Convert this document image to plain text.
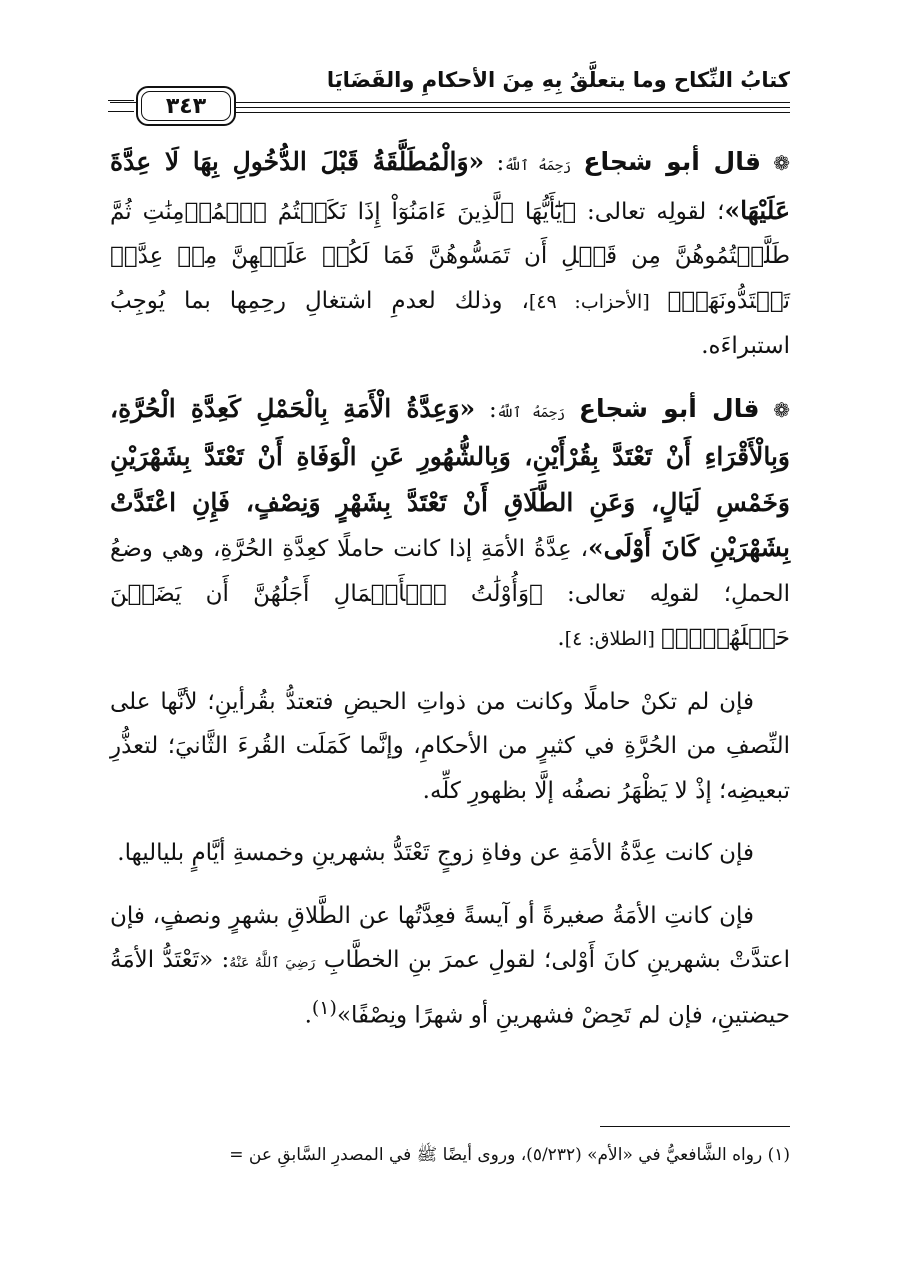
كتابُ النِّكاح وما يتعلَّقُ بِهِ مِنَ الأحكامِ والقَضَايَا
٣٤٣

❁ قال أبو شجاع رَحِمَهُ ٱللَّهُ: «وَالْمُطَلَّقَةُ قَبْلَ الدُّخُولِ بِهَا لَا عِدَّةَ عَلَيْهَا»؛ لقولِه تعالى: ﴿يَٰٓأَيُّهَا ٱلَّذِينَ ءَامَنُوٓاْ إِذَا نَكَحۡتُمُ ٱلۡمُؤۡمِنَٰتِ ثُمَّ طَلَّقۡتُمُوهُنَّ مِن قَبۡلِ أَن تَمَسُّوهُنَّ فَمَا لَكُمۡ عَلَيۡهِنَّ مِنۡ عِدَّةٖ تَعۡتَدُّونَهَاۖ﴾ [الأحزاب: ٤٩]، وذلك لعدمِ اشتغالِ رحِمِها بما يُوجِبُ استبراءَه.

❁ قال أبو شجاع رَحِمَهُ ٱللَّهُ: «وَعِدَّةُ الْأَمَةِ بِالْحَمْلِ كَعِدَّةِ الْحُرَّةِ، وَبِالْأَقْرَاءِ أَنْ تَعْتَدَّ بِقُرْأَيْنِ، وَبِالشُّهُورِ عَنِ الْوَفَاةِ أَنْ تَعْتَدَّ بِشَهْرَيْنِ وَخَمْسِ لَيَالٍ، وَعَنِ الطَّلَاقِ أَنْ تَعْتَدَّ بِشَهْرٍ وَنِصْفٍ، فَإِنِ اعْتَدَّتْ بِشَهْرَيْنِ كَانَ أَوْلَى»، عِدَّةُ الأمَةِ إذا كانت حاملًا كعِدَّةِ الحُرَّةِ، وهي وضعُ الحملِ؛ لقولِه تعالى: ﴿وَأُوْلَٰتُ ٱلۡأَحۡمَالِ أَجَلُهُنَّ أَن يَضَعۡنَ حَمۡلَهُنَّۚ﴾ [الطلاق: ٤].

فإن لم تكنْ حاملًا وكانت من ذواتِ الحيضِ فتعتدُّ بقُرأينِ؛ لأنَّها على النِّصفِ من الحُرَّةِ في كثيرٍ من الأحكامِ، وإنَّما كَمَلَت القُرءَ الثَّانيَ؛ لتعذُّرِ تبعيضِه؛ إذْ لا يَظْهَرُ نصفُه إلَّا بظهورِ كلِّه.

فإن كانت عِدَّةُ الأمَةِ عن وفاةِ زوجٍ تَعْتَدُّ بشهرينِ وخمسةِ أيَّامٍ بلياليها.

فإن كانتِ الأمَةُ صغيرةً أو آيسةً فعِدَّتُها عن الطَّلاقِ بشهرٍ ونصفٍ، فإن اعتدَّتْ بشهرينِ كانَ أَوْلى؛ لقولِ عمرَ بنِ الخطَّابِ رَضِيَ ٱللَّهُ عَنْهُ: «تَعْتَدُّ الأمَةُ حيضتينِ، فإن لم تَحِضْ فشهرينِ أو شهرًا ونِصْفًا»$^{(١)}$.

(١) رواه الشَّافعيُّ في «الأم» (٥/٢٣٢)، وروى أيضًا ﷺ في المصدرِ السَّابقِ عن =
